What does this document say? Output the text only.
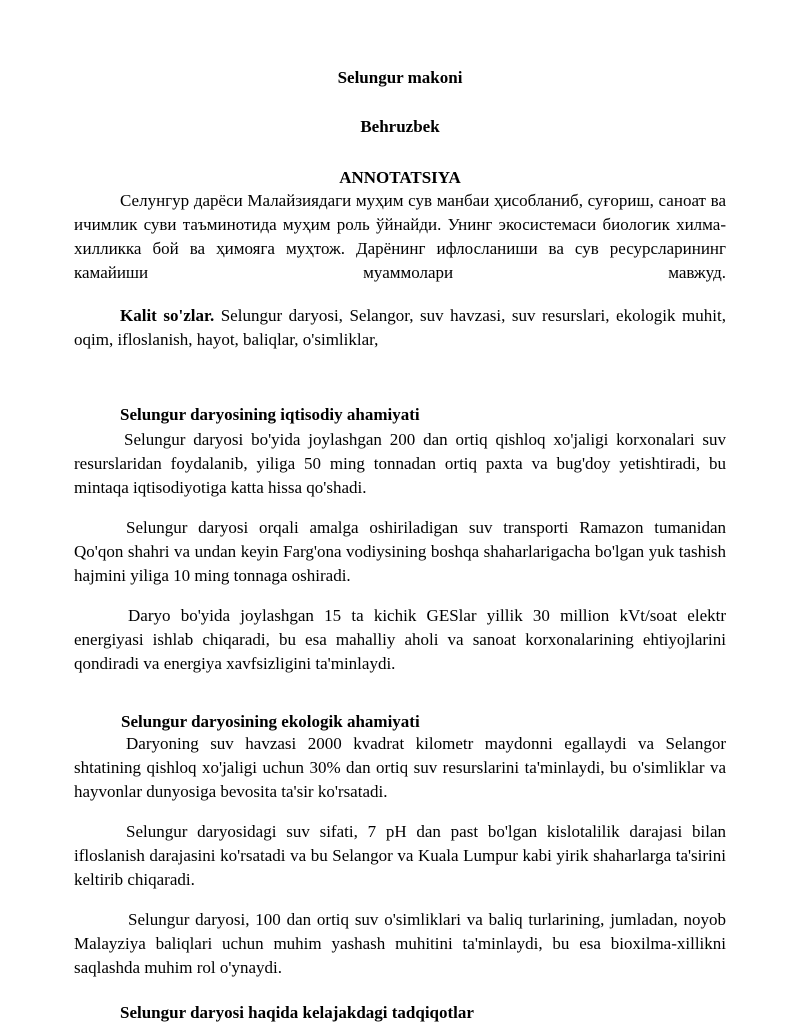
Selungur makoni
Behruzbek
ANNOTATSIYA
Селунгур дарёси Малайзиядаги муҳим сув манбаи ҳисобланиб, суғориш, саноат ва ичимлик суви таъминотида муҳим роль ўйнайди. Унинг экосистемаси биологик хилма-хилликка бой ва ҳимояга муҳтож. Дарёнинг ифлосланиши ва сув ресурсларининг камайиши муаммолари мавжуд.
Kalit so'zlar. Selungur daryosi, Selangor, suv havzasi, suv resurslari, ekologik muhit, oqim, ifloslanish, hayot, baliqlar, o'simliklar,
Selungur daryosining iqtisodiy ahamiyati
Selungur daryosi bo'yida joylashgan 200 dan ortiq qishloq xo'jaligi korxonalari suv resurslaridan foydalanib, yiliga 50 ming tonnadan ortiq paxta va bug'doy yetishtiradi, bu mintaqa iqtisodiyotiga katta hissa qo'shadi.
Selungur daryosi orqali amalga oshiriladigan suv transporti Ramazon tumanidan Qo'qon shahri va undan keyin Farg'ona vodiysining boshqa shaharlarigacha bo'lgan yuk tashish hajmini yiliga 10 ming tonnaga oshiradi.
Daryo bo'yida joylashgan 15 ta kichik GESlar yillik 30 million kVt/soat elektr energiyasi ishlab chiqaradi, bu esa mahalliy aholi va sanoat korxonalarining ehtiyojlarini qondiradi va energiya xavfsizligini ta'minlaydi.
Selungur daryosining ekologik ahamiyati
Daryoning suv havzasi 2000 kvadrat kilometr maydonni egallaydi va Selangor shtatining qishloq xo'jaligi uchun 30% dan ortiq suv resurslarini ta'minlaydi, bu o'simliklar va hayvonlar dunyosiga bevosita ta'sir ko'rsatadi.
Selungur daryosidagi suv sifati, 7 pH dan past bo'lgan kislotalilik darajasi bilan ifloslanish darajasini ko'rsatadi va bu Selangor va Kuala Lumpur kabi yirik shaharlarga ta'sirini keltirib chiqaradi.
Selungur daryosi, 100 dan ortiq suv o'simliklari va baliq turlarining, jumladan, noyob Malayziya baliqlari uchun muhim yashash muhitini ta'minlaydi, bu esa bioxilma-xillikni saqlashda muhim rol o'ynaydi.
Selungur daryosi haqida kelajakdagi tadqiqotlar
